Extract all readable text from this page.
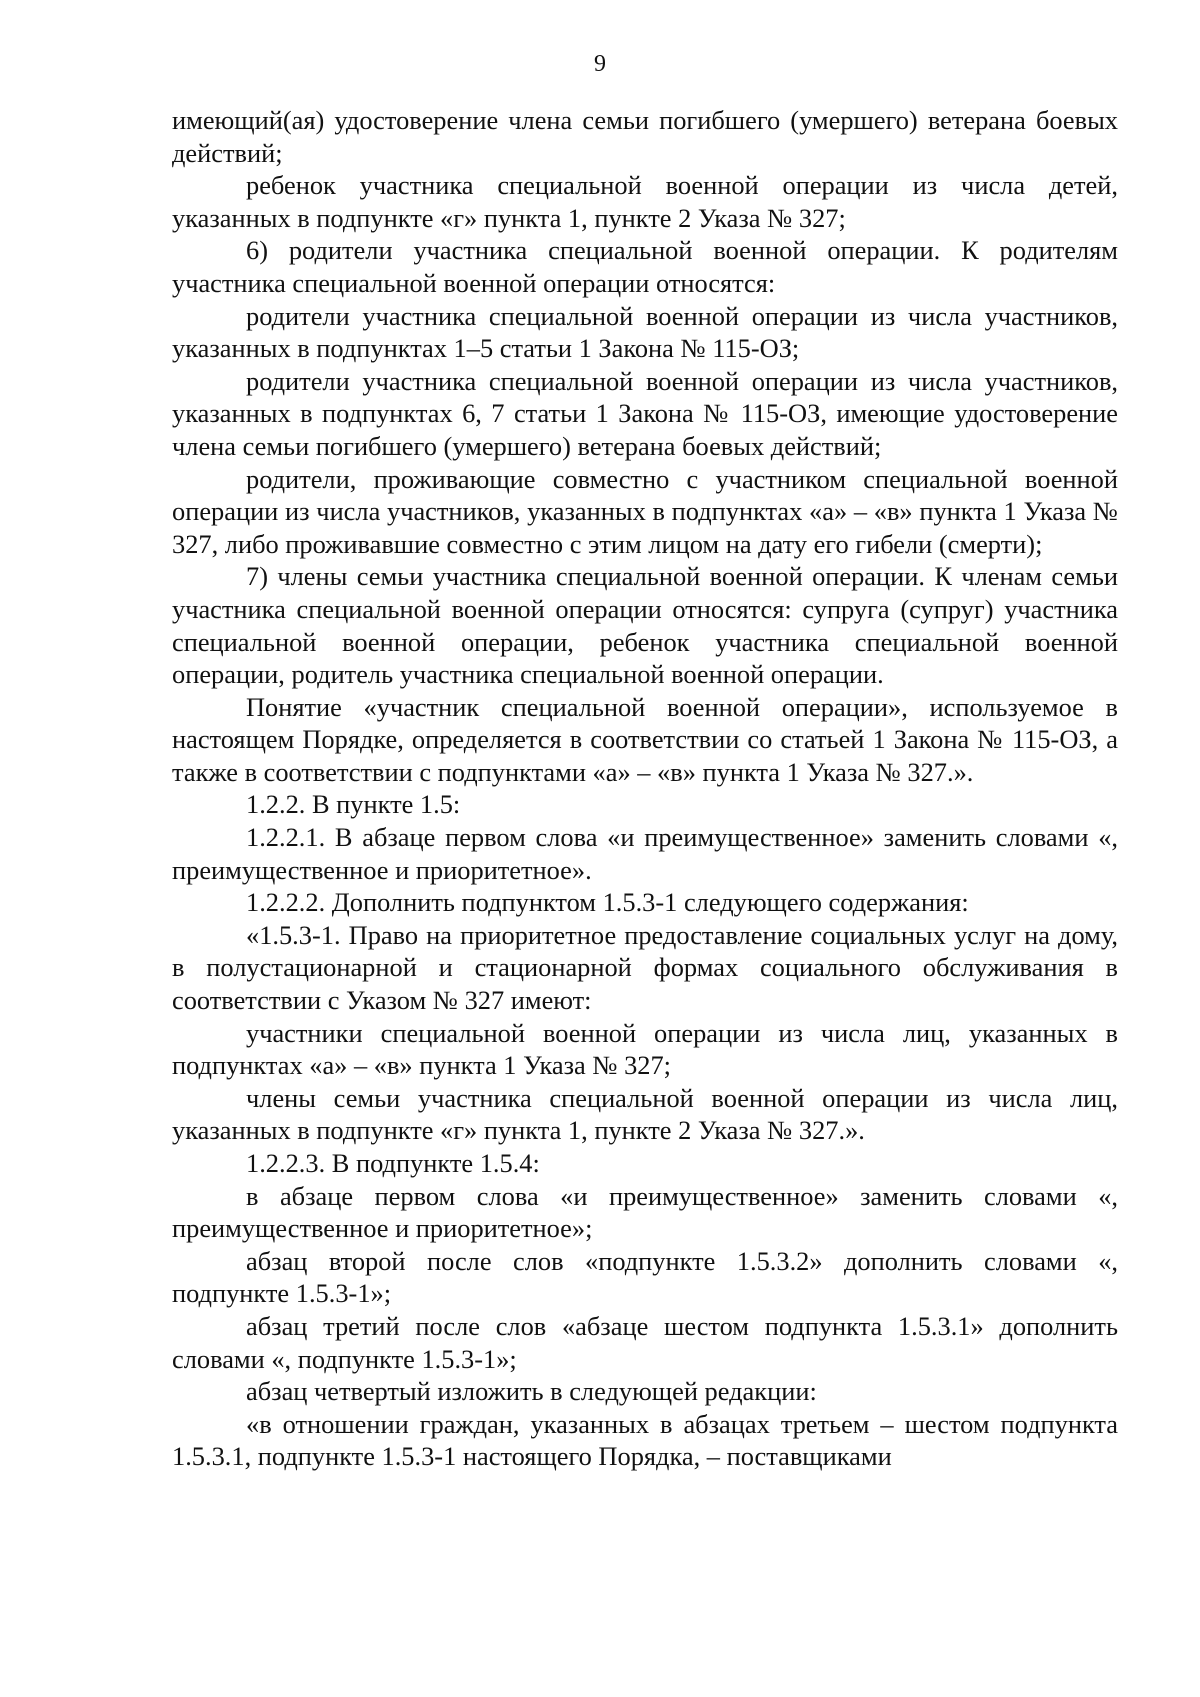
9

имеющий(ая) удостоверение члена семьи погибшего (умершего) ветерана боевых действий;

ребенок участника специальной военной операции из числа детей, указанных в подпункте «г» пункта 1, пункте 2 Указа № 327;

6) родители участника специальной военной операции. К родителям участника специальной военной операции относятся:

родители участника специальной военной операции из числа участников, указанных в подпунктах 1–5 статьи 1 Закона № 115-ОЗ;

родители участника специальной военной операции из числа участников, указанных в подпунктах 6, 7 статьи 1 Закона № 115-ОЗ, имеющие удостоверение члена семьи погибшего (умершего) ветерана боевых действий;

родители, проживающие совместно с участником специальной военной операции из числа участников, указанных в подпунктах «а» – «в» пункта 1 Указа № 327, либо проживавшие совместно с этим лицом на дату его гибели (смерти);

7) члены семьи участника специальной военной операции. К членам семьи участника специальной военной операции относятся: супруга (супруг) участника специальной военной операции, ребенок участника специальной военной операции, родитель участника специальной военной операции.

Понятие «участник специальной военной операции», используемое в настоящем Порядке, определяется в соответствии со статьей 1 Закона № 115-ОЗ, а также в соответствии с подпунктами «а» – «в» пункта 1 Указа № 327.».

1.2.2. В пункте 1.5:

1.2.2.1. В абзаце первом слова «и преимущественное» заменить словами «, преимущественное и приоритетное».

1.2.2.2. Дополнить подпунктом 1.5.3-1 следующего содержания:

«1.5.3-1. Право на приоритетное предоставление социальных услуг на дому, в полустационарной и стационарной формах социального обслуживания в соответствии с Указом № 327 имеют:

участники специальной военной операции из числа лиц, указанных в подпунктах «а» – «в» пункта 1 Указа № 327;

члены семьи участника специальной военной операции из числа лиц, указанных в подпункте «г» пункта 1, пункте 2 Указа № 327.».

1.2.2.3. В подпункте 1.5.4:

в абзаце первом слова «и преимущественное» заменить словами «, преимущественное и приоритетное»;

абзац второй после слов «подпункте 1.5.3.2» дополнить словами «, подпункте 1.5.3-1»;

абзац третий после слов «абзаце шестом подпункта 1.5.3.1» дополнить словами «, подпункте 1.5.3-1»;

абзац четвертый изложить в следующей редакции:

«в отношении граждан, указанных в абзацах третьем – шестом подпункта 1.5.3.1, подпункте 1.5.3-1 настоящего Порядка, – поставщиками
